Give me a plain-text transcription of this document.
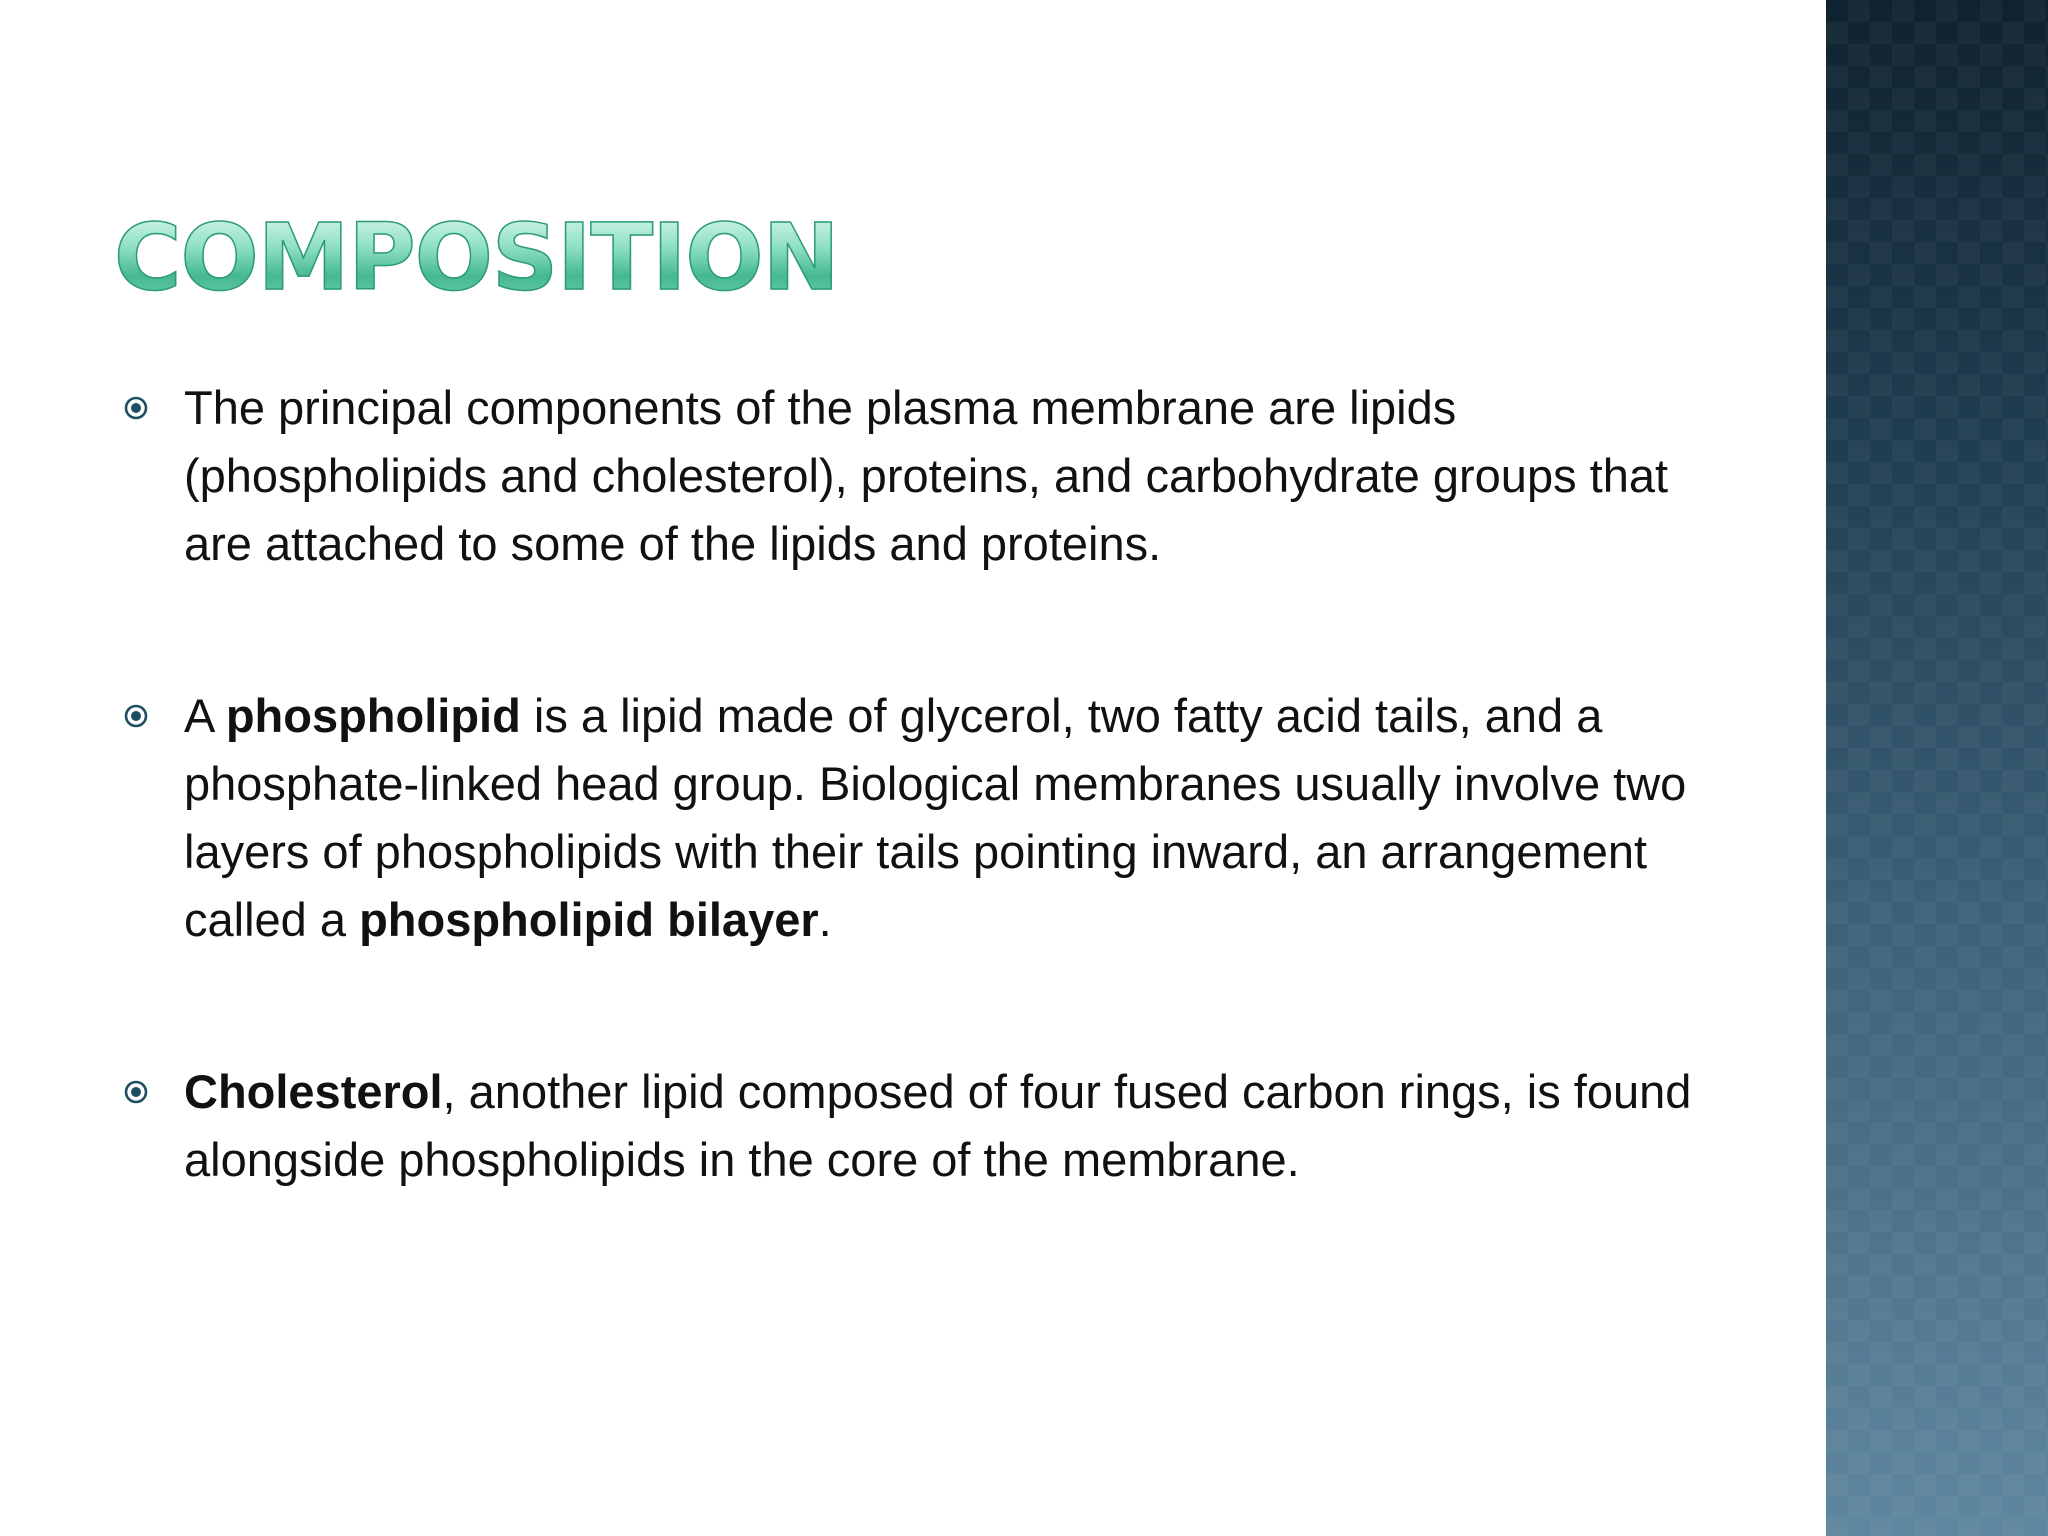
COMPOSITION
The principal components of the plasma membrane are lipids (phospholipids and cholesterol), proteins, and carbohydrate groups that are attached to some of the lipids and proteins.
A phospholipid is a lipid made of glycerol, two fatty acid tails, and a phosphate-linked head group. Biological membranes usually involve two layers of phospholipids with their tails pointing inward, an arrangement called a phospholipid bilayer.
Cholesterol, another lipid composed of four fused carbon rings, is found alongside phospholipids in the core of the membrane.
